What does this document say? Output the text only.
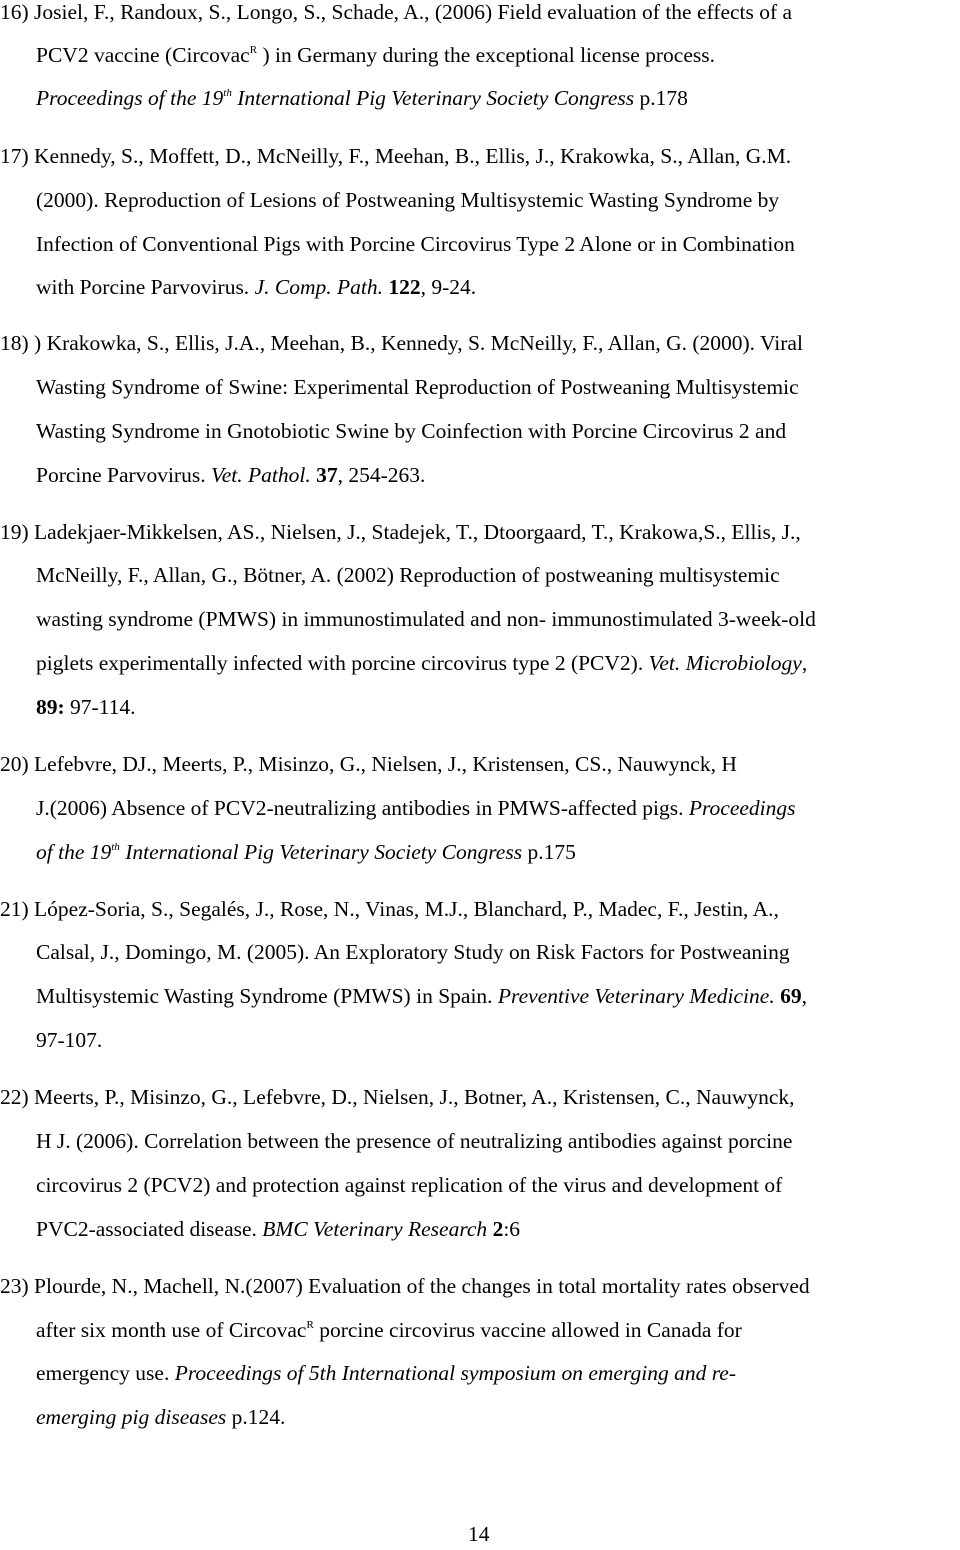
16) Josiel, F., Randoux, S., Longo, S., Schade, A., (2006) Field evaluation of the effects of a
PCV2 vaccine (Circovac$^R$ ) in Germany during the exceptional license process.
Proceedings of the 19th International Pig Veterinary Society Congress p.178
17) Kennedy, S., Moffett, D., McNeilly, F., Meehan, B., Ellis, J., Krakowka, S., Allan, G.M.
(2000). Reproduction of Lesions of Postweaning Multisystemic Wasting Syndrome by
Infection of Conventional Pigs with Porcine Circovirus Type 2 Alone or in Combination
with Porcine Parvovirus. J. Comp. Path. 122, 9-24.
18) ) Krakowka, S., Ellis, J.A., Meehan, B., Kennedy, S. McNeilly, F., Allan, G. (2000). Viral
Wasting Syndrome of Swine: Experimental Reproduction of Postweaning Multisystemic
Wasting Syndrome in Gnotobiotic Swine by Coinfection with Porcine Circovirus 2 and
Porcine Parvovirus. Vet. Pathol. 37, 254-263.
19) Ladekjaer-Mikkelsen, AS., Nielsen, J., Stadejek, T., Dtoorgaard, T., Krakowa,S., Ellis, J.,
McNeilly, F., Allan, G., Bötner, A. (2002) Reproduction of postweaning multisystemic
wasting syndrome (PMWS) in immunostimulated and non- immunostimulated 3-week-old
piglets experimentally infected with porcine circovirus type 2 (PCV2). Vet. Microbiology,
89: 97-114.
20) Lefebvre, DJ., Meerts, P., Misinzo, G., Nielsen, J., Kristensen, CS., Nauwynck, H
J.(2006) Absence of PCV2-neutralizing antibodies in PMWS-affected pigs. Proceedings
of the 19th International Pig Veterinary Society Congress p.175
21) López-Soria, S., Segalés, J., Rose, N., Vinas, M.J., Blanchard, P., Madec, F., Jestin, A.,
Calsal, J., Domingo, M. (2005). An Exploratory Study on Risk Factors for Postweaning
Multisystemic Wasting Syndrome (PMWS) in Spain. Preventive Veterinary Medicine. 69,
97-107.
22) Meerts, P., Misinzo, G., Lefebvre, D., Nielsen, J., Botner, A., Kristensen, C., Nauwynck,
H J. (2006). Correlation between the presence of neutralizing antibodies against porcine
circovirus 2 (PCV2) and protection against replication of the virus and development of
PVC2-associated disease. BMC Veterinary Research 2:6
23) Plourde, N., Machell, N.(2007) Evaluation of the changes in total mortality rates observed
after six month use of Circovac$^R$ porcine circovirus vaccine allowed in Canada for
emergency use. Proceedings of 5th International symposium on emerging and re-
emerging pig diseases p.124.
14
